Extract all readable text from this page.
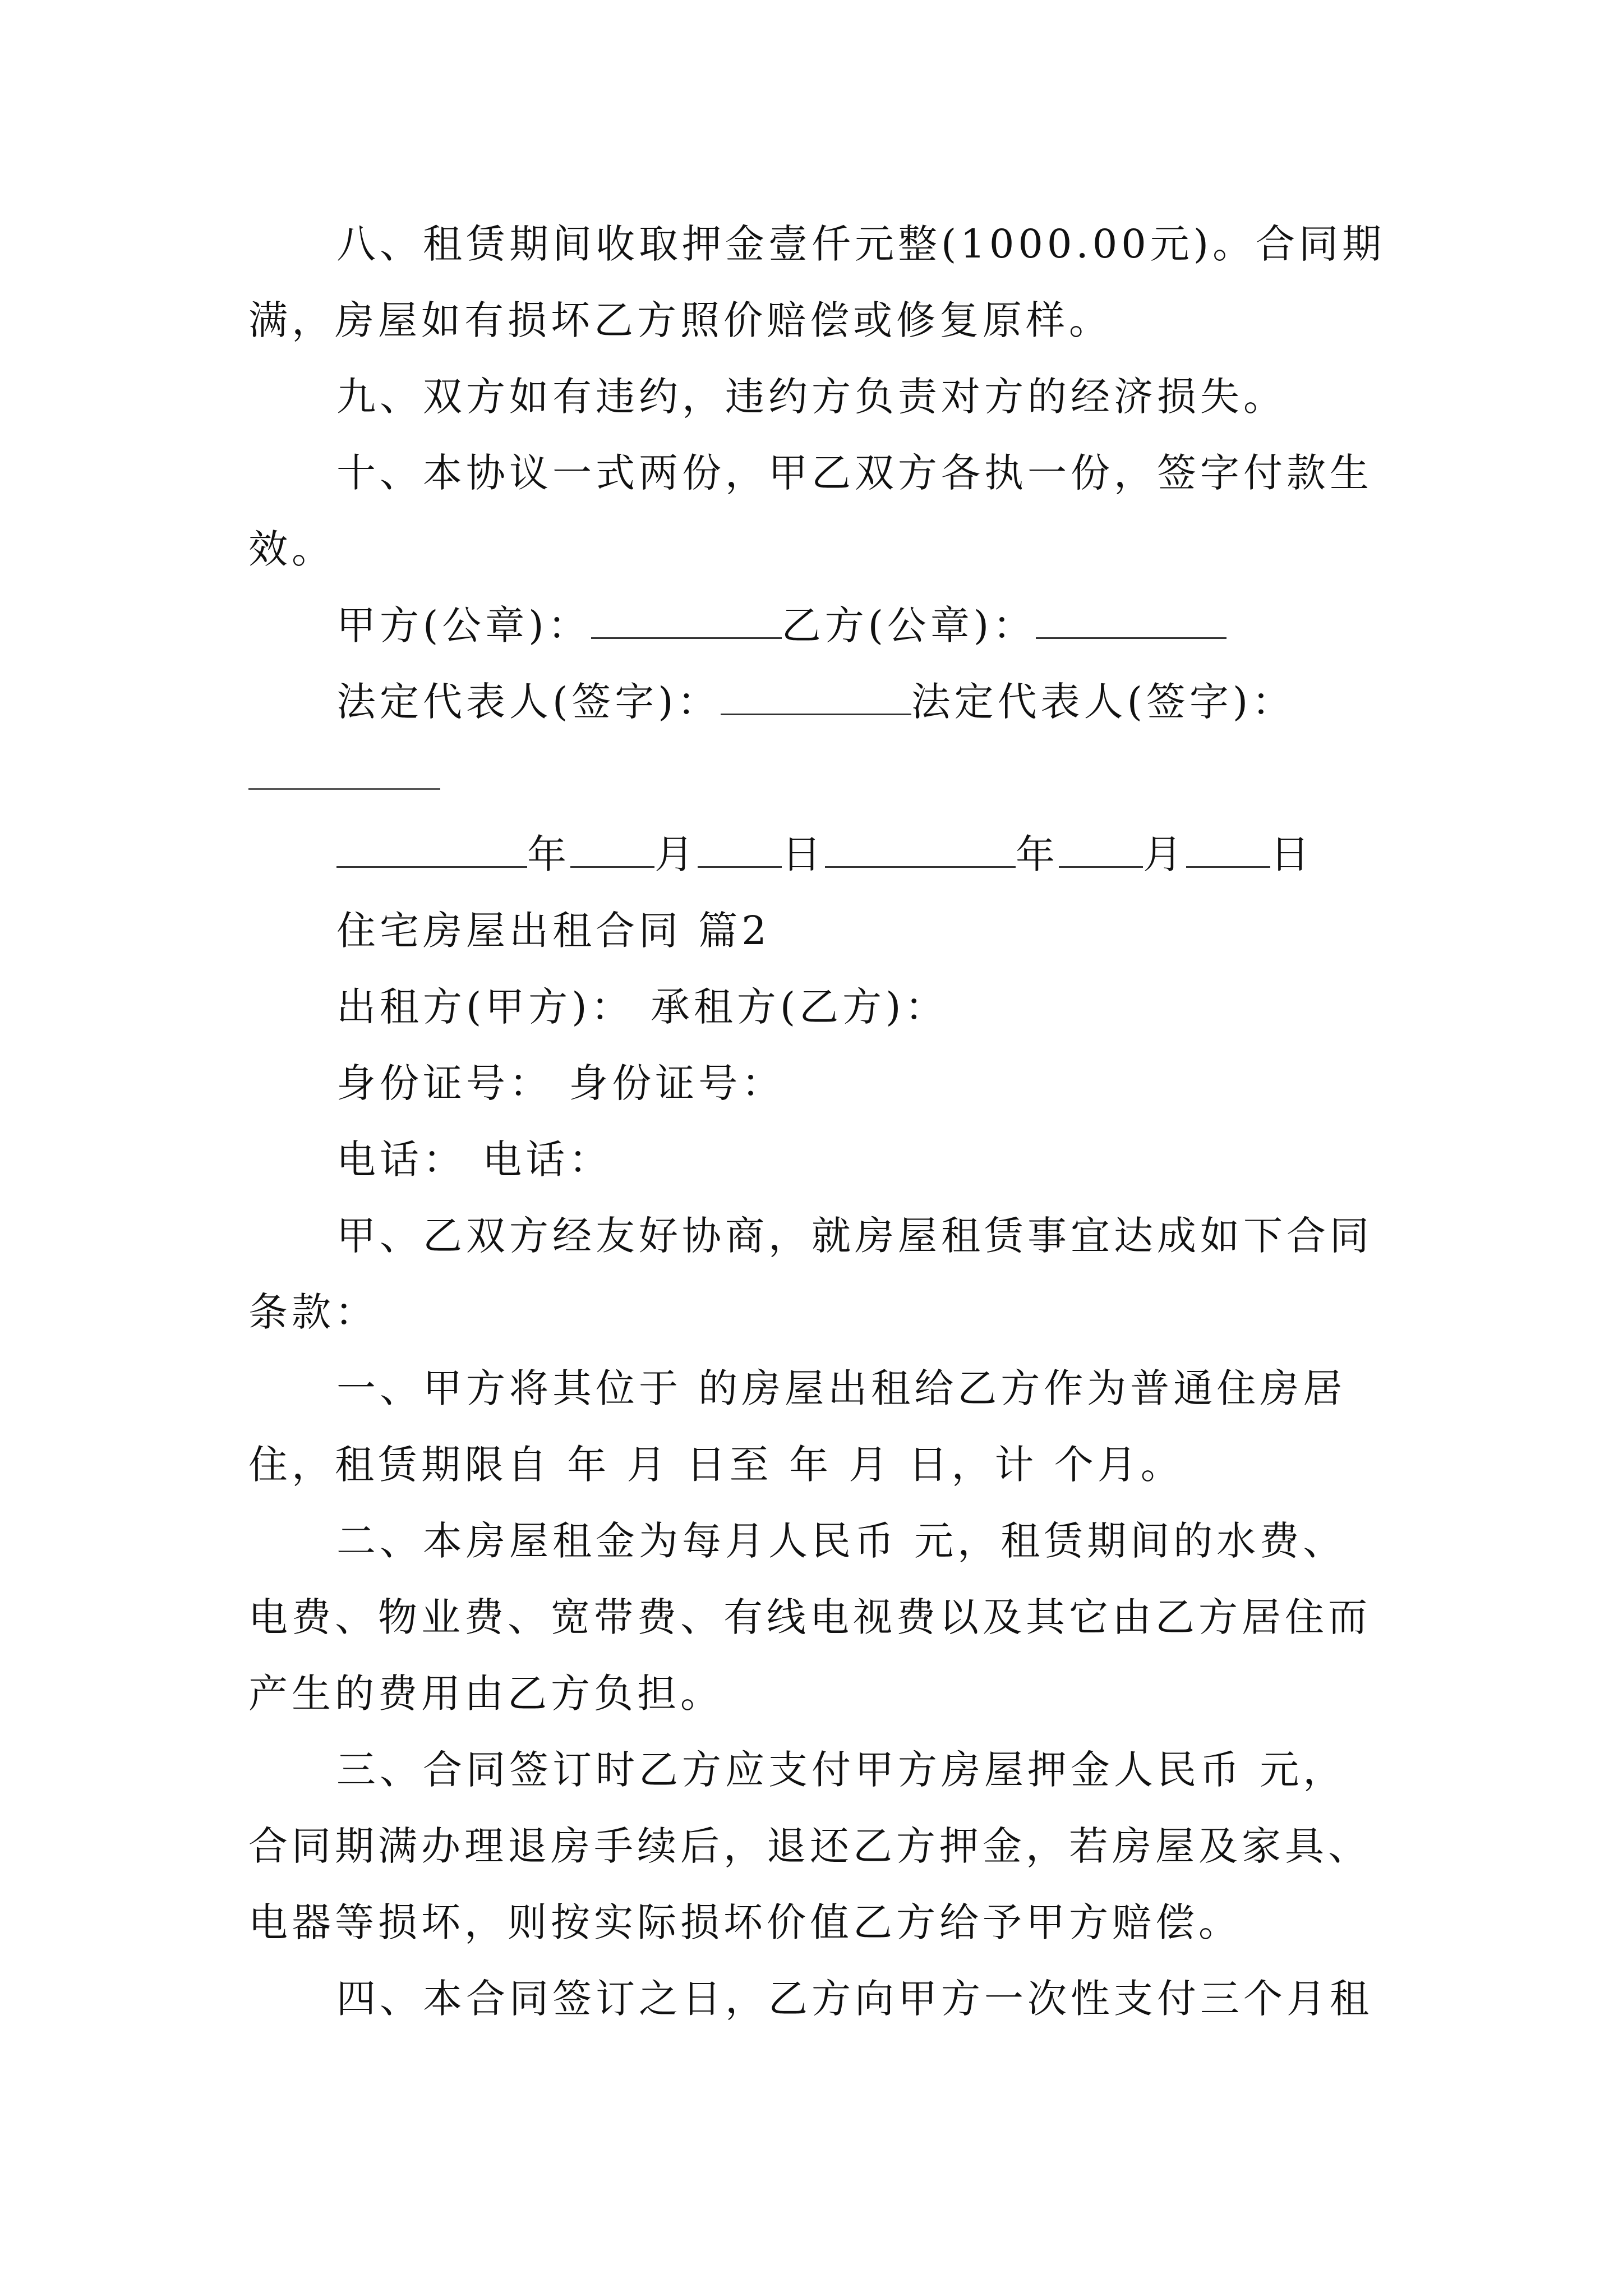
八、租赁期间收取押金壹仟元整(1000.00元)。合同期
满，房屋如有损坏乙方照价赔偿或修复原样。
九、双方如有违约，违约方负责对方的经济损失。
十、本协议一式两份，甲乙双方各执一份，签字付款生
效。
甲方(公章)：	乙方(公章)：
法定代表人(签字)：	法定代表人(签字)：
年 月 日	年 月 日
住宅房屋出租合同 篇2
出租方(甲方)： 承租方(乙方)：
身份证号： 身份证号：
电话： 电话：
甲、乙双方经友好协商，就房屋租赁事宜达成如下合同
条款：
一、甲方将其位于 的房屋出租给乙方作为普通住房居
住，租赁期限自 年 月 日至 年 月 日，计 个月。
二、本房屋租金为每月人民币 元，租赁期间的水费、
电费、物业费、宽带费、有线电视费以及其它由乙方居住而
产生的费用由乙方负担。
三、合同签订时乙方应支付甲方房屋押金人民币 元，
合同期满办理退房手续后，退还乙方押金，若房屋及家具、
电器等损坏，则按实际损坏价值乙方给予甲方赔偿。
四、本合同签订之日，乙方向甲方一次性支付三个月租
